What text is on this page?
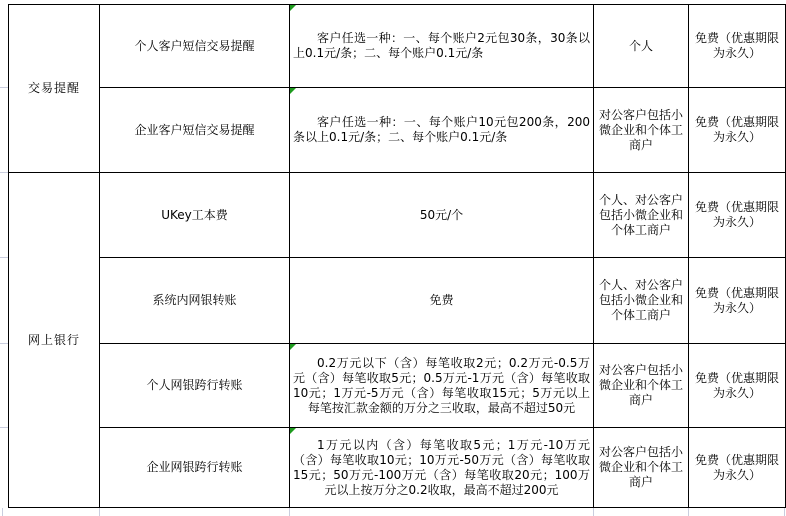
交易提醒	个人客户短信交易提醒	客户任选一种：一、每个账户2元包30条，30条以上0.1元/条；二、每个账户0.1元/条	个人	免费（优惠期限为永久）
	企业客户短信交易提醒	客户任选一种：一、每个账户10元包200条，200条以上0.1元/条；二、每个账户0.1元/条	对公客户包括小微企业和个体工商户	免费（优惠期限为永久）
网上银行	UKey工本费	50元/个	个人、对公客户包括小微企业和个体工商户	免费（优惠期限为永久）
	系统内网银转账	免费	个人、对公客户包括小微企业和个体工商户	免费（优惠期限为永久）
	个人网银跨行转账	0.2万元以下（含）每笔收取2元；0.2万元-0.5万元（含）每笔收取5元；0.5万元-1万元（含）每笔收取10元；1万元-5万元（含）每笔收取15元；5万元以上每笔按汇款金额的万分之三收取，最高不超过50元	对公客户包括小微企业和个体工商户	免费（优惠期限为永久）
	企业网银跨行转账	1万元以内（含）每笔收取5元；1万元-10万元（含）每笔收取10元；10万元-50万元（含）每笔收取15元；50万元-100万元（含）每笔收取20元；100万元以上按万分之0.2收取，最高不超过200元	对公客户包括小微企业和个体工商户	免费（优惠期限为永久）
